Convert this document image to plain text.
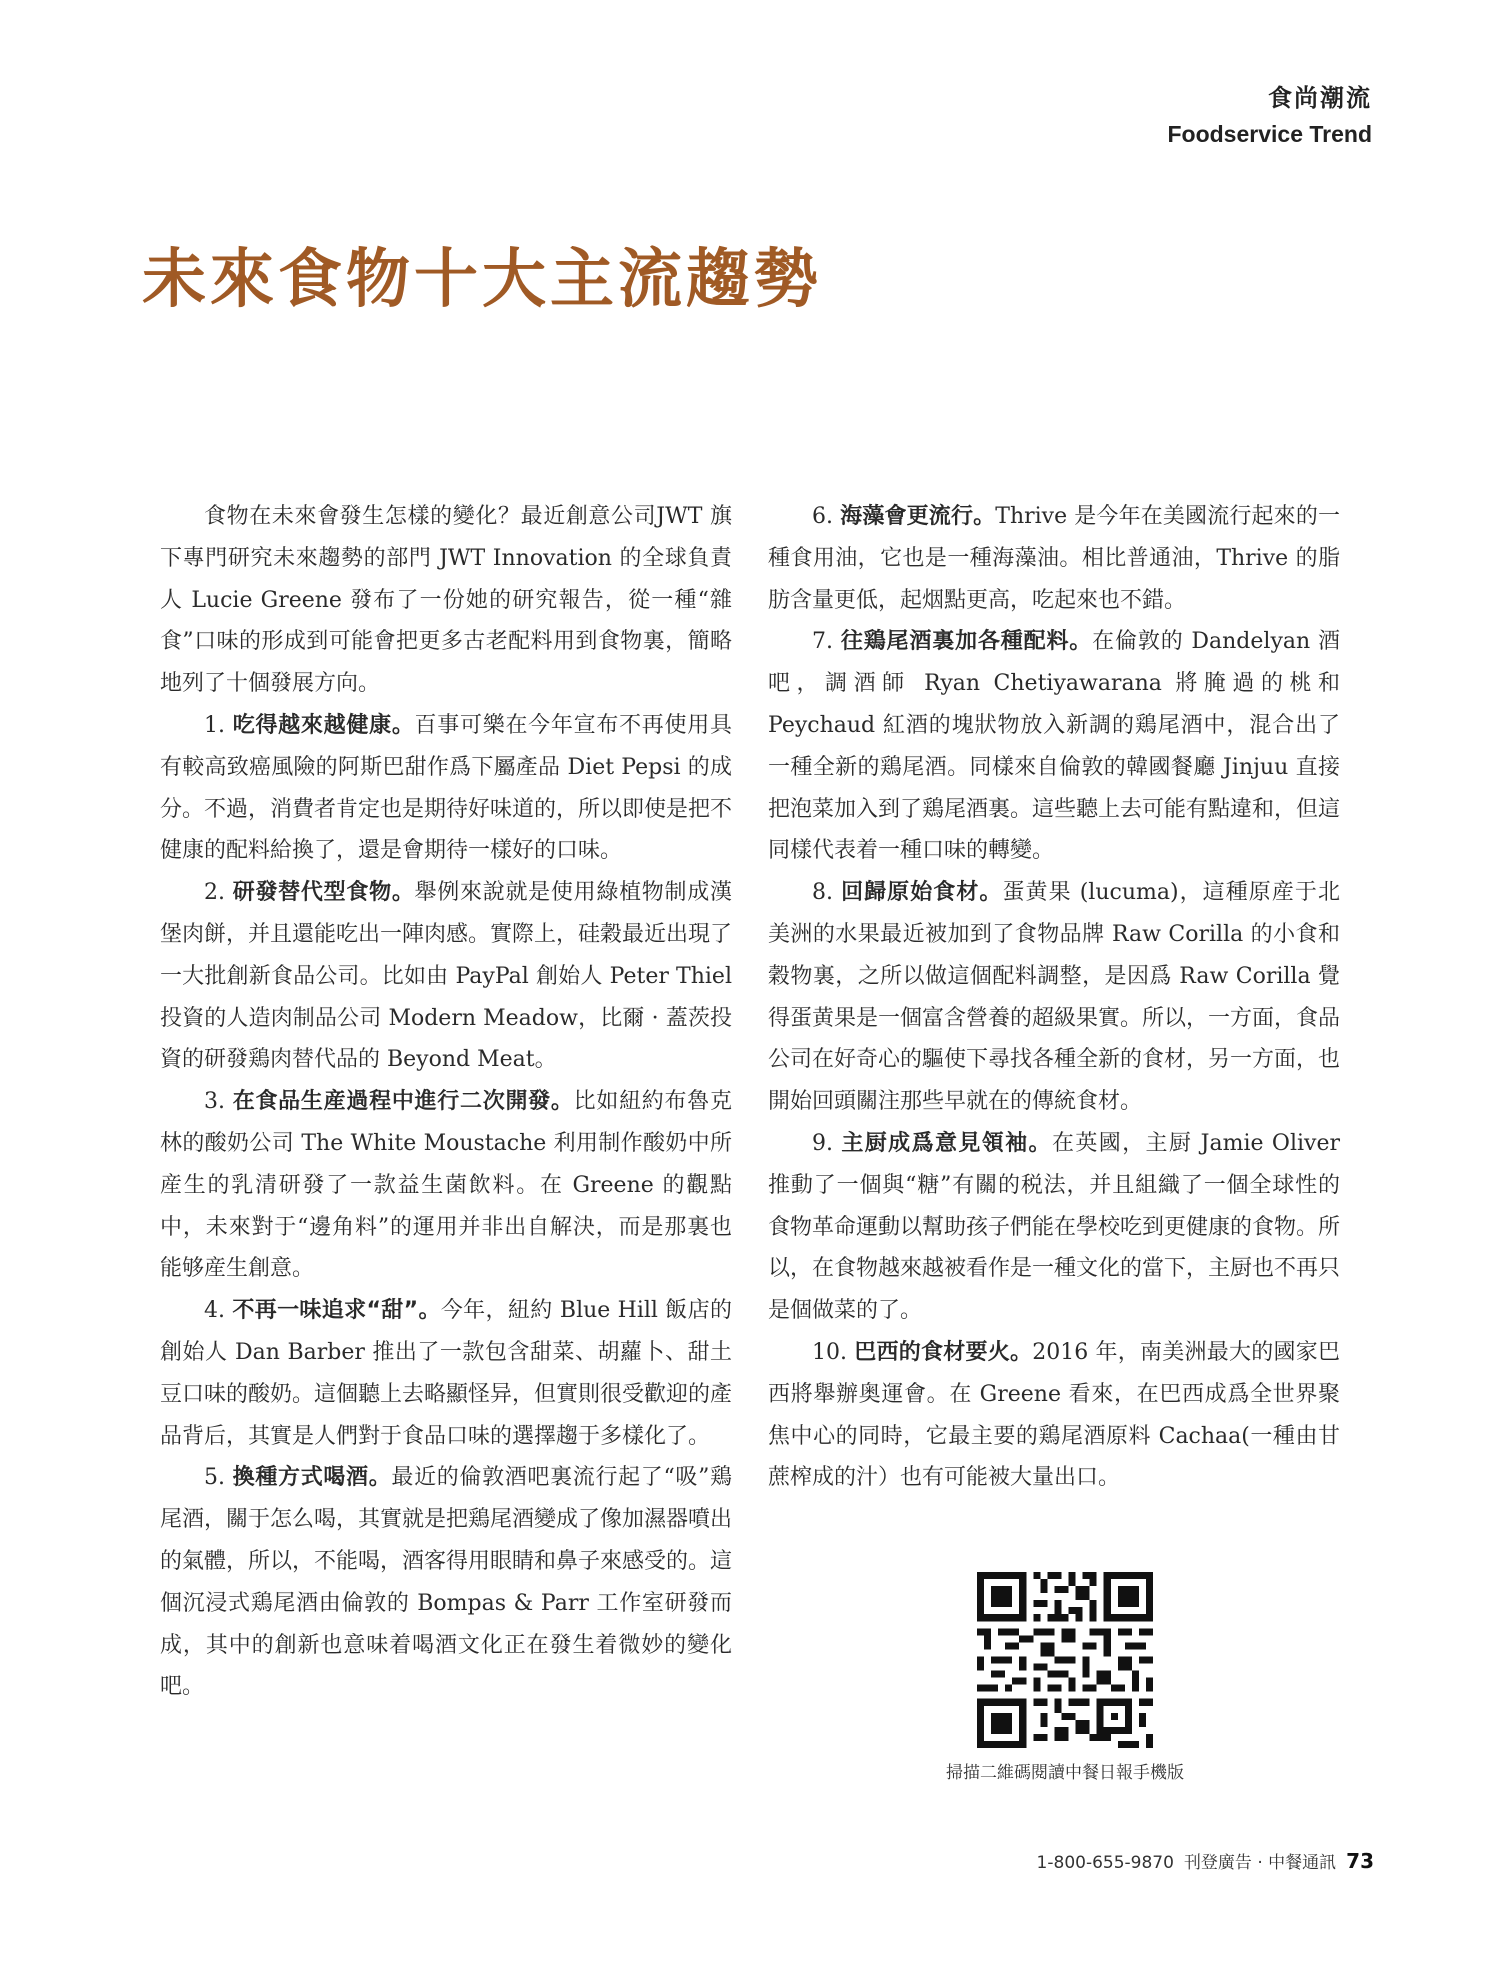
食尚潮流
Foodservice Trend
未來食物十大主流趨勢

食物在未來會發生怎樣的變化？最近創意公司JWT 旗下專門研究未來趨勢的部門 JWT Innovation 的全球負責人 Lucie Greene 發布了一份她的研究報告，從一種“雜食”口味的形成到可能會把更多古老配料用到食物裏，簡略地列了十個發展方向。

1. 吃得越來越健康。百事可樂在今年宣布不再使用具有較高致癌風險的阿斯巴甜作爲下屬產品 Diet Pepsi 的成分。不過，消費者肯定也是期待好味道的，所以即使是把不健康的配料給換了，還是會期待一樣好的口味。

2. 研發替代型食物。舉例來說就是使用綠植物制成漢堡肉餅，并且還能吃出一陣肉感。實際上，硅穀最近出現了一大批創新食品公司。比如由 PayPal 創始人 Peter Thiel 投資的人造肉制品公司 Modern Meadow，比爾 · 蓋茨投資的研發鶏肉替代品的 Beyond Meat。

3. 在食品生産過程中進行二次開發。比如紐約布魯克林的酸奶公司 The White Moustache 利用制作酸奶中所産生的乳清研發了一款益生菌飲料。在 Greene 的觀點中，未來對于“邊角料”的運用并非出自解決，而是那裏也能够産生創意。

4. 不再一味追求“甜”。今年，紐約 Blue Hill 飯店的創始人 Dan Barber 推出了一款包含甜菜、胡蘿卜、甜土豆口味的酸奶。這個聽上去略顯怪异，但實則很受歡迎的產品背后，其實是人們對于食品口味的選擇趨于多樣化了。

5. 換種方式喝酒。最近的倫敦酒吧裏流行起了“吸”鶏尾酒，關于怎么喝，其實就是把鶏尾酒變成了像加濕器噴出的氣體，所以，不能喝，酒客得用眼睛和鼻子來感受的。這個沉浸式鶏尾酒由倫敦的 Bompas & Parr 工作室研發而成，其中的創新也意味着喝酒文化正在發生着微妙的變化吧。

6. 海藻會更流行。Thrive 是今年在美國流行起來的一種食用油，它也是一種海藻油。相比普通油，Thrive 的脂肪含量更低，起烟點更高，吃起來也不錯。

7. 往鶏尾酒裏加各種配料。在倫敦的 Dandelyan 酒吧，調酒師 Ryan Chetiyawarana 將腌過的桃和 Peychaud 紅酒的塊狀物放入新調的鶏尾酒中，混合出了一種全新的鶏尾酒。同樣來自倫敦的韓國餐廳 Jinjuu 直接把泡菜加入到了鶏尾酒裏。這些聽上去可能有點違和，但這同樣代表着一種口味的轉變。

8. 回歸原始食材。蛋黄果 (lucuma)，這種原産于北美洲的水果最近被加到了食物品牌 Raw Corilla 的小食和穀物裏，之所以做這個配料調整，是因爲 Raw Corilla 覺得蛋黄果是一個富含營養的超級果實。所以，一方面，食品公司在好奇心的驅使下尋找各種全新的食材，另一方面，也開始回頭關注那些早就在的傳統食材。

9. 主厨成爲意見領袖。在英國，主厨 Jamie Oliver 推動了一個與“糖”有關的税法，并且組織了一個全球性的食物革命運動以幫助孩子們能在學校吃到更健康的食物。所以，在食物越來越被看作是一種文化的當下，主厨也不再只是個做菜的了。

10. 巴西的食材要火。2016 年，南美洲最大的國家巴西將舉辦奥運會。在 Greene 看來，在巴西成爲全世界聚焦中心的同時，它最主要的鶏尾酒原料 Cachaa(一種由甘蔗榨成的汁）也有可能被大量出口。

掃描二維碼閱讀中餐日報手機版
1-800-655-9870 刊登廣告 · 中餐通訊 73
